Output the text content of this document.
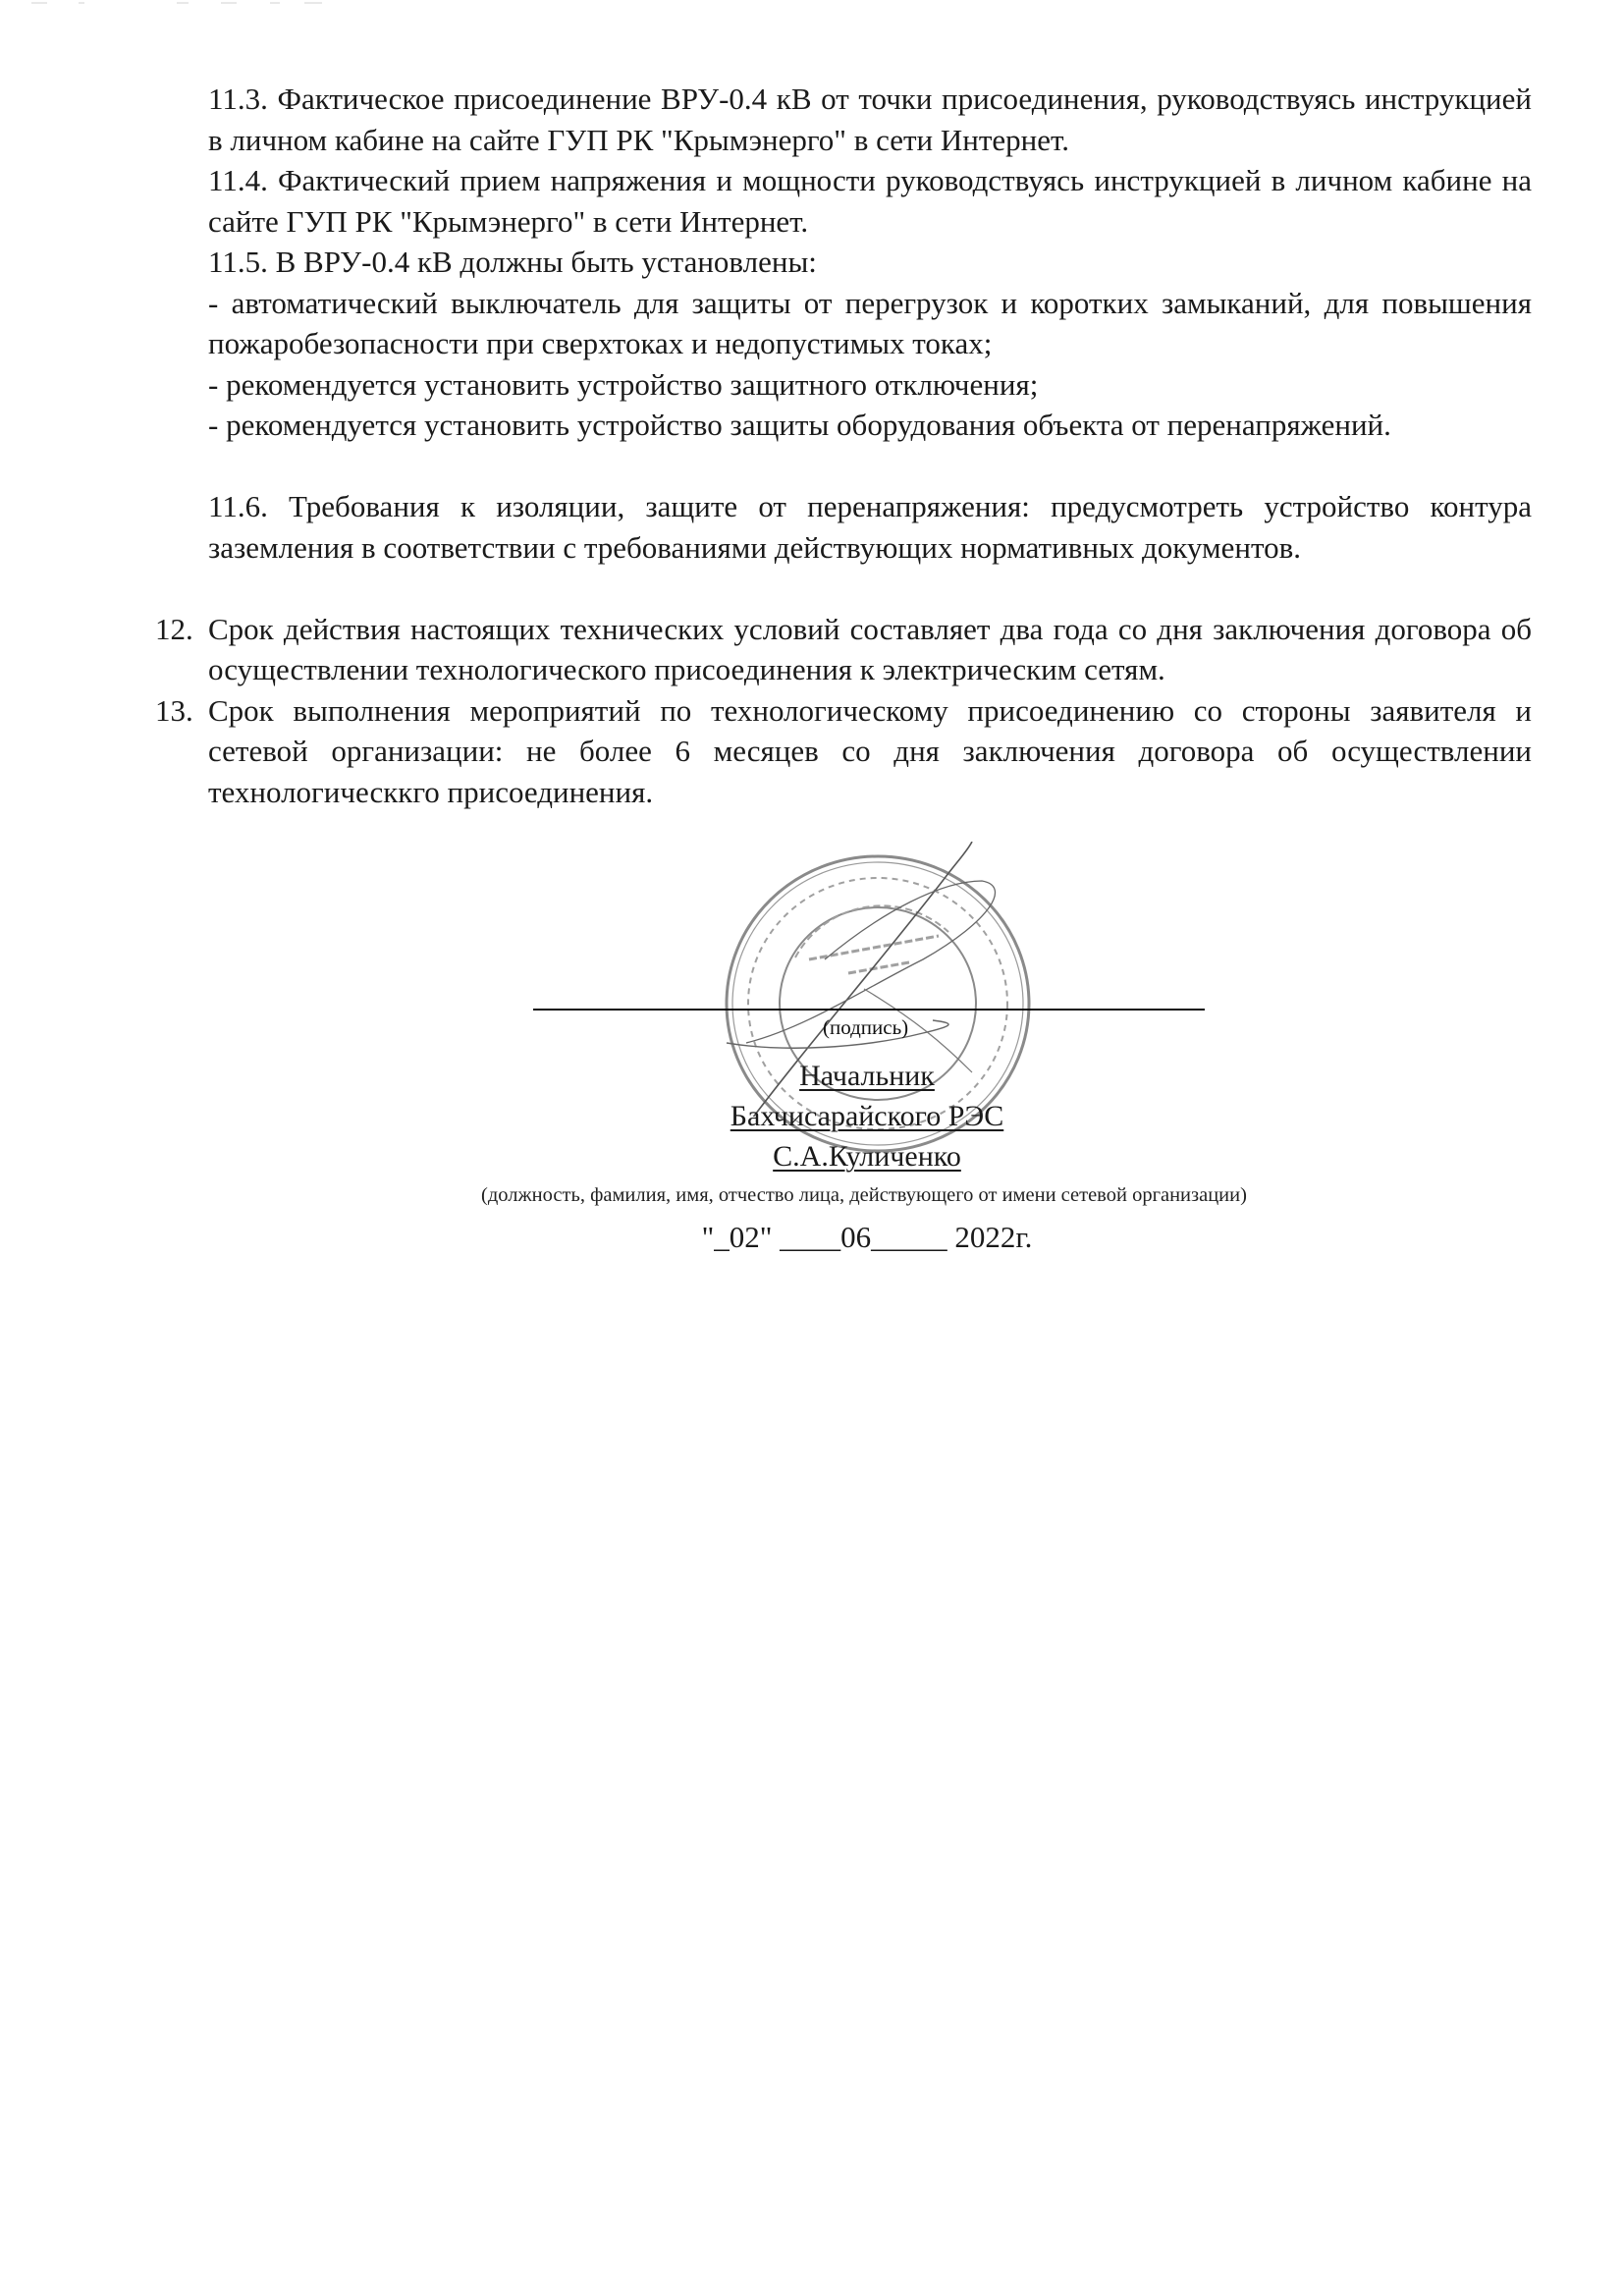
11.3. Фактическое присоединение ВРУ-0.4 кВ от точки присоединения, руководствуясь инструкцией в личном кабине на сайте ГУП РК "Крымэнерго" в сети Интернет.

11.4. Фактический прием напряжения и мощности руководствуясь инструкцией в личном кабине на сайте ГУП РК "Крымэнерго" в сети Интернет.

11.5. В ВРУ-0.4 кВ должны быть установлены:

- автоматический выключатель для защиты от перегрузок и коротких замыканий, для повышения пожаробезопасности при сверхтоках и недопустимых токах;

- рекомендуется установить устройство защитного отключения;

- рекомендуется установить устройство защиты оборудования объекта от перенапряжений.

11.6. Требования к изоляции, защите от перенапряжения: предусмотреть устройство контура заземления в соответствии с требованиями действующих нормативных документов.

12. Срок действия настоящих технических условий составляет два года со дня заключения договора об осуществлении технологического присоединения к электрическим сетям.
13. Срок выполнения мероприятий по технологическому присоединению со стороны заявителя и сетевой организации: не более 6 месяцев со дня заключения договора об осуществлении технологическкго присоединения.
(подпись)
Начальник
Бахчисарайского РЭС
С.А.Куличенко
(должность, фамилия, имя, отчество лица, действующего от имени сетевой организации)
"_02" ____06_____ 2022г.
